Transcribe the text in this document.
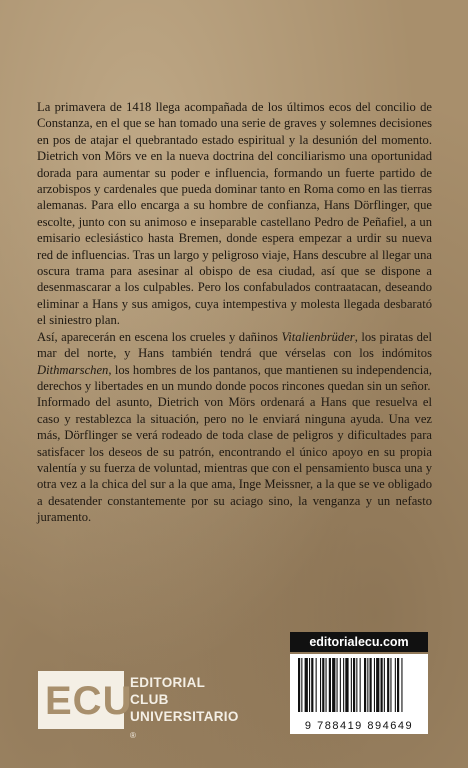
La primavera de 1418 llega acompañada de los últimos ecos del concilio de Constanza, en el que se han tomado una serie de graves y solemnes decisiones en pos de atajar el quebrantado estado espiritual y la desunión del momento. Dietrich von Mörs ve en la nueva doctrina del conciliarismo una oportunidad dorada para aumentar su poder e influencia, formando un fuerte partido de arzobispos y cardenales que pueda dominar tanto en Roma como en las tierras alemanas. Para ello encarga a su hombre de confianza, Hans Dörflinger, que escolte, junto con su animoso e inseparable castellano Pedro de Peñafiel, a un emisario eclesiástico hasta Bremen, donde espera empezar a urdir su nueva red de influencias. Tras un largo y peligroso viaje, Hans descubre al llegar una oscura trama para asesinar al obispo de esa ciudad, así que se dispone a desenmascarar a los culpables. Pero los confabulados contraatacan, deseando eliminar a Hans y sus amigos, cuya intempestiva y molesta llegada desbarató el siniestro plan.

Así, aparecerán en escena los crueles y dañinos Vitalienbrüder, los piratas del mar del norte, y Hans también tendrá que vérselas con los indómitos Dithmarschen, los hombres de los pantanos, que mantienen su independencia, derechos y libertades en un mundo donde pocos rincones quedan sin un señor.

Informado del asunto, Dietrich von Mörs ordenará a Hans que resuelva el caso y restablezca la situación, pero no le enviará ninguna ayuda. Una vez más, Dörflinger se verá rodeado de toda clase de peligros y dificultades para satisfacer los deseos de su patrón, encontrando el único apoyo en su propia valentía y su fuerza de voluntad, mientras que con el pensamiento busca una y otra vez a la chica del sur a la que ama, Inge Meissner, a la que se ve obligado a desatender constantemente por su aciago sino, la venganza y un nefasto juramento.

ECU
EDITORIAL
CLUB
UNIVERSITARIO ®
editorialecu.com
9 788419 894649
